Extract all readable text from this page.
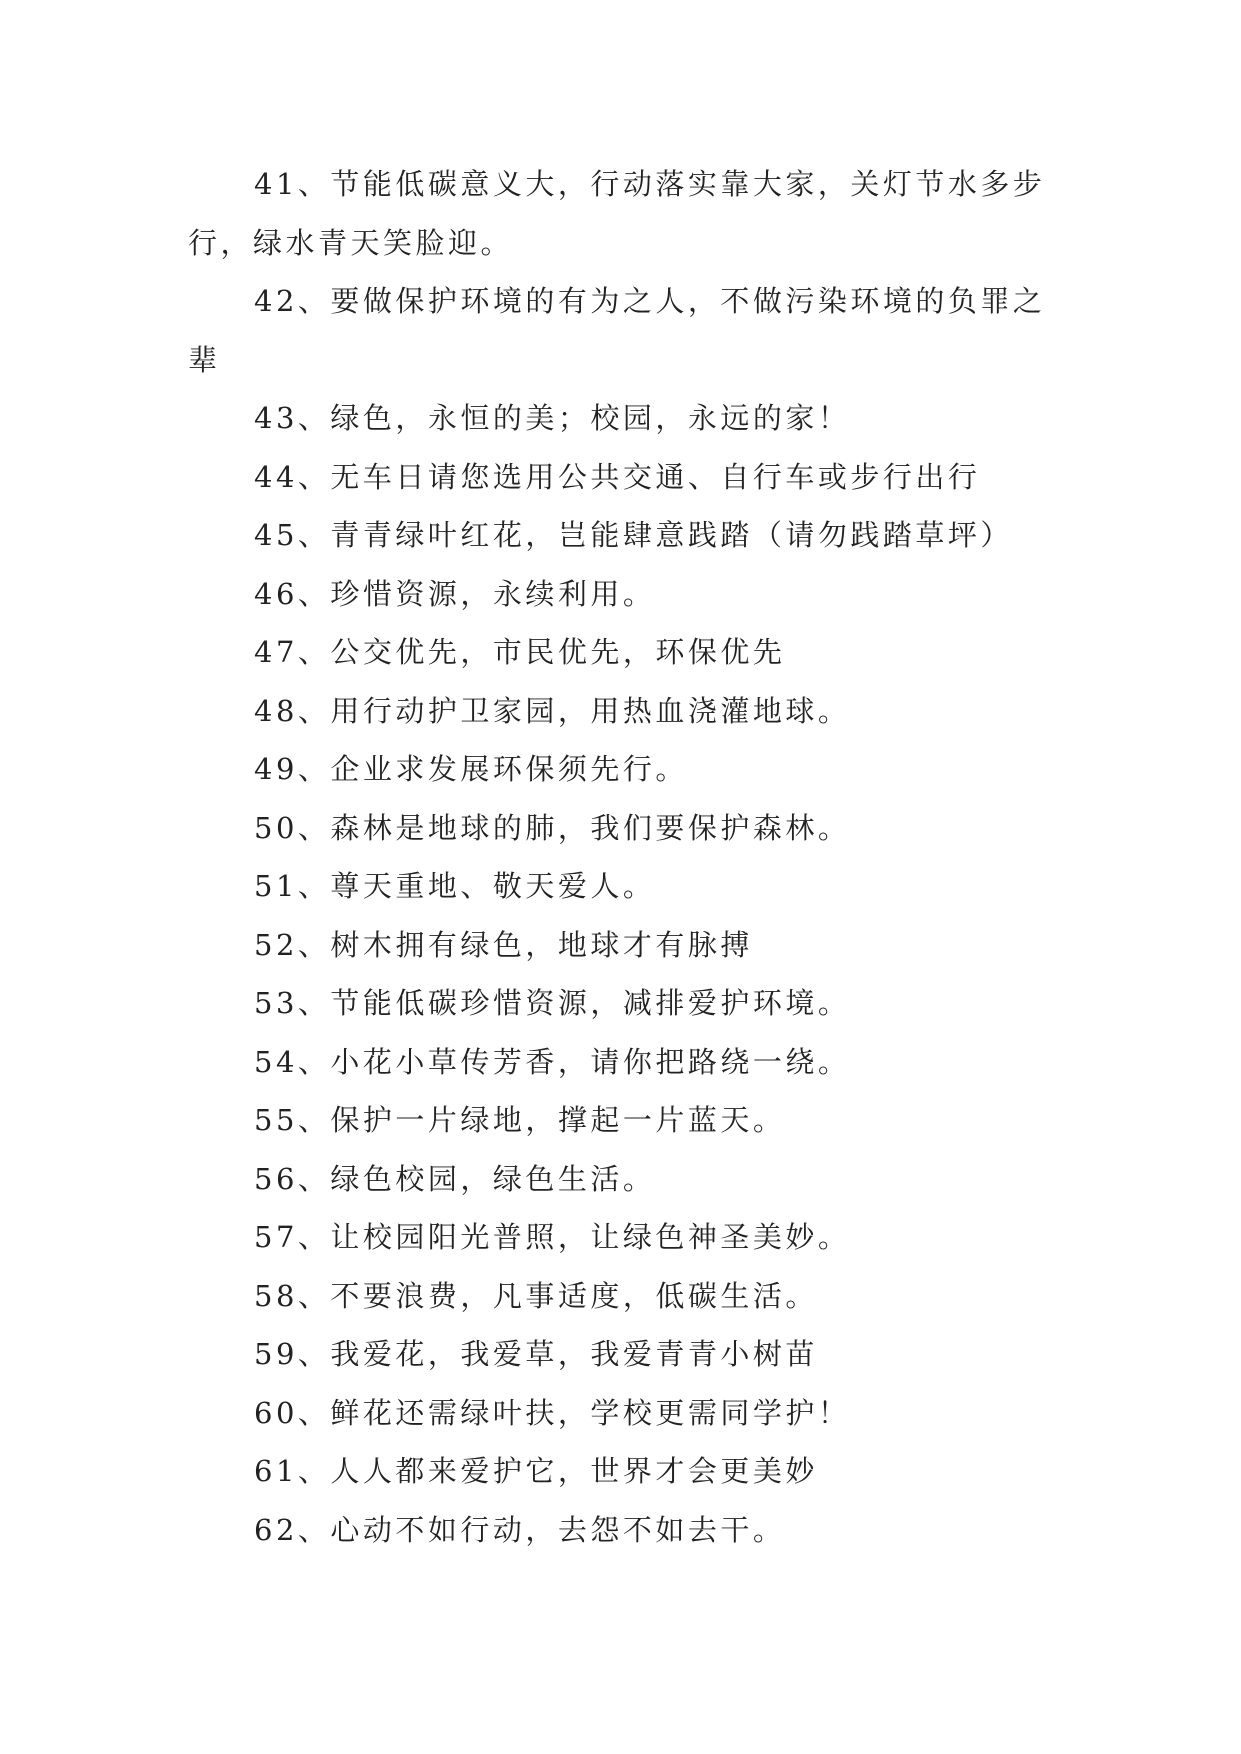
41、节能低碳意义大，行动落实靠大家，关灯节水多步行，绿水青天笑脸迎。

42、要做保护环境的有为之人，不做污染环境的负罪之辈

43、绿色，永恒的美；校园，永远的家！

44、无车日请您选用公共交通、自行车或步行出行

45、青青绿叶红花，岂能肆意践踏（请勿践踏草坪）

46、珍惜资源，永续利用。

47、公交优先，市民优先，环保优先

48、用行动护卫家园，用热血浇灌地球。

49、企业求发展环保须先行。

50、森林是地球的肺，我们要保护森林。

51、尊天重地、敬天爱人。

52、树木拥有绿色，地球才有脉搏

53、节能低碳珍惜资源，减排爱护环境。

54、小花小草传芳香，请你把路绕一绕。

55、保护一片绿地，撑起一片蓝天。

56、绿色校园，绿色生活。

57、让校园阳光普照，让绿色神圣美妙。

58、不要浪费，凡事适度，低碳生活。

59、我爱花，我爱草，我爱青青小树苗

60、鲜花还需绿叶扶，学校更需同学护！

61、人人都来爱护它，世界才会更美妙

62、心动不如行动，去怨不如去干。
